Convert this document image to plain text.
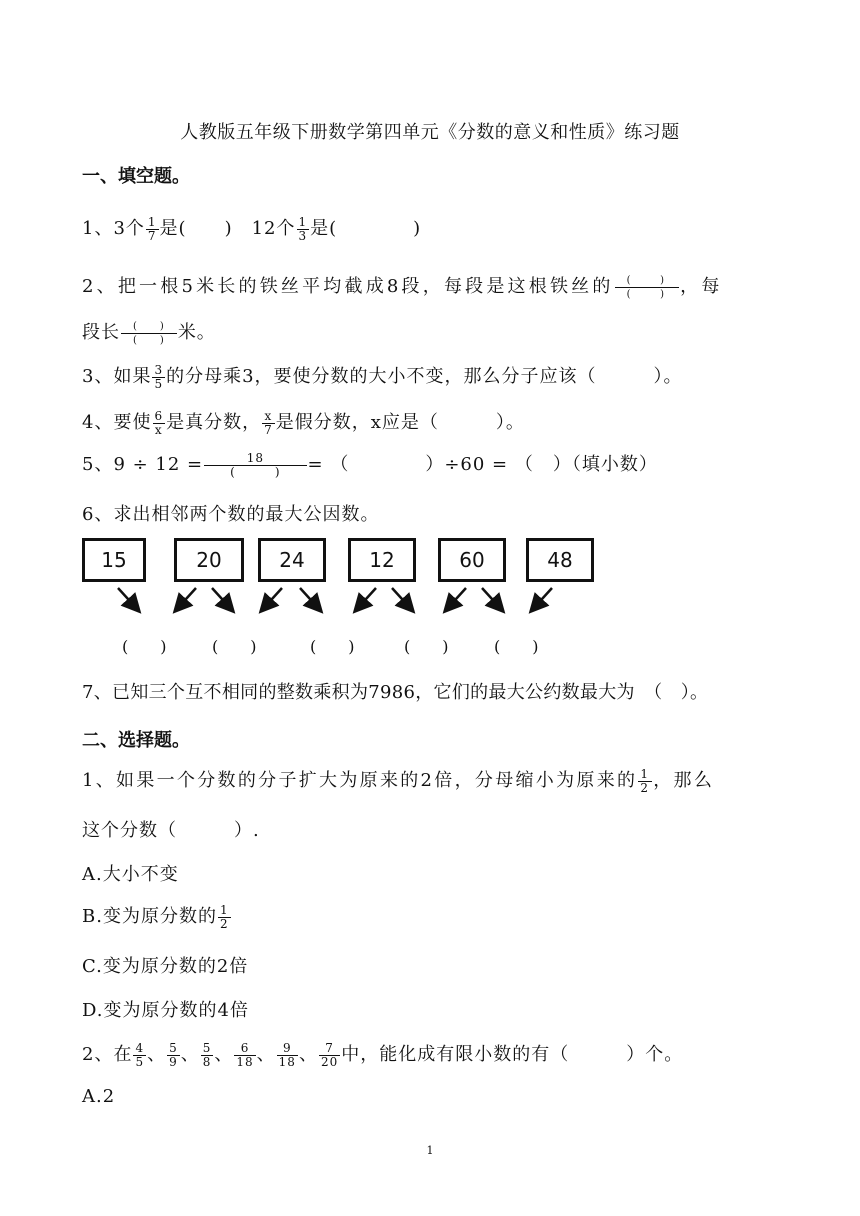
人教版五年级下册数学第四单元《分数的意义和性质》练习题
一、填空题。
1、3个 $\frac{1}{7}$ 是(　　)　12个 $\frac{1}{3}$ 是(　　　　)
2、把一根5米长的铁丝平均截成8段，每段是这根铁丝的 $\frac{( )}{( )}$ ，每
段长 $\frac{( )}{( )}$ 米。
3、如果 $\frac{3}{5}$ 的分母乘3，要使分数的大小不变，那么分子应该（　　　）。
4、要使 $\frac{6}{x}$ 是真分数， $\frac{x}{7}$ 是假分数，x应是（　　　）。
5、$9 \div 12 = \frac{18}{( )}$ = （　　　　）÷60 = （　）（填小数）
6、求出相邻两个数的最大公因数。
15	20	24	12	60	48
(　　)	(　　)	(　　)	(　　)	(　　)
7、已知三个互不相同的整数乘积为7986，它们的最大公约数最大为　（　）。
二、选择题。
1、如果一个分数的分子扩大为原来的2倍，分母缩小为原来的 $\frac{1}{2}$ ，那么
这个分数（　　　）.
A.大小不变
B.变为原分数的 $\frac{1}{2}$
C.变为原分数的2倍
D.变为原分数的4倍
2、在 $\frac{4}{5}$ 、 $\frac{5}{9}$ 、 $\frac{5}{8}$ 、 $\frac{6}{18}$ 、 $\frac{9}{18}$ 、 $\frac{7}{20}$ 中，能化成有限小数的有（　　　）个。
A.2
1
